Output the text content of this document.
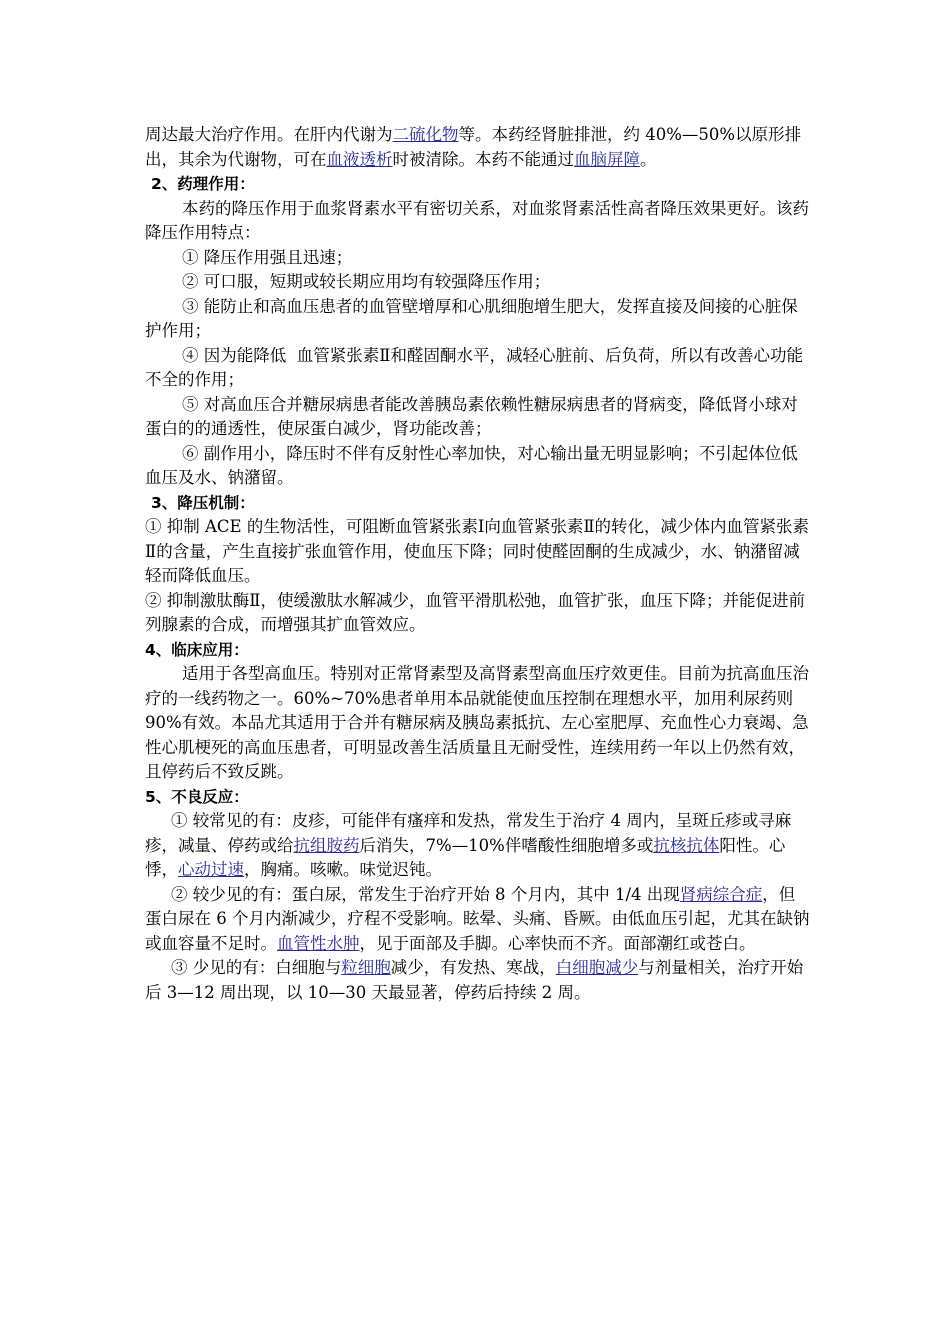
周达最大治疗作用。在肝内代谢为二硫化物等。本药经肾脏排泄，约 40%—50%以原形排出，其余为代谢物，可在血液透析时被清除。本药不能通过血脑屏障。

2、药理作用：

本药的降压作用于血浆肾素水平有密切关系，对血浆肾素活性高者降压效果更好。该药降压作用特点：

① 降压作用强且迅速；

② 可口服，短期或较长期应用均有较强降压作用；

③ 能防止和高血压患者的血管壁增厚和心肌细胞增生肥大，发挥直接及间接的心脏保护作用；

④ 因为能降低  血管紧张素Ⅱ和醛固酮水平，减轻心脏前、后负荷，所以有改善心功能不全的作用；

⑤ 对高血压合并糖尿病患者能改善胰岛素依赖性糖尿病患者的肾病变，降低肾小球对蛋白的的通透性，使尿蛋白减少，肾功能改善；

⑥ 副作用小，降压时不伴有反射性心率加快，对心输出量无明显影响；不引起体位低血压及水、钠潴留。

3、降压机制：

① 抑制 ACE 的生物活性，可阻断血管紧张素Ⅰ向血管紧张素Ⅱ的转化，减少体内血管紧张素Ⅱ的含量，产生直接扩张血管作用，使血压下降；同时使醛固酮的生成减少，水、钠潴留减轻而降低血压。

② 抑制激肽酶Ⅱ，使缓激肽水解减少，血管平滑肌松弛，血管扩张，血压下降；并能促进前列腺素的合成，而增强其扩血管效应。

4、临床应用：

适用于各型高血压。特别对正常肾素型及高肾素型高血压疗效更佳。目前为抗高血压治疗的一线药物之一。60%~70%患者单用本品就能使血压控制在理想水平，加用利尿药则 90%有效。本品尤其适用于合并有糖尿病及胰岛素抵抗、左心室肥厚、充血性心力衰竭、急性心肌梗死的高血压患者，可明显改善生活质量且无耐受性，连续用药一年以上仍然有效，且停药后不致反跳。

5、不良反应：

① 较常见的有：皮疹，可能伴有瘙痒和发热，常发生于治疗 4 周内，呈斑丘疹或寻麻疹，减量、停药或给抗组胺药后消失，7%—10%伴嗜酸性细胞增多或抗核抗体阳性。心悸，心动过速，胸痛。咳嗽。味觉迟钝。

② 较少见的有：蛋白尿，常发生于治疗开始 8 个月内，其中 1/4 出现肾病综合症，但蛋白尿在 6 个月内渐减少，疗程不受影响。眩晕、头痛、昏厥。由低血压引起，尤其在缺钠或血容量不足时。血管性水肿，见于面部及手脚。心率快而不齐。面部潮红或苍白。

③ 少见的有：白细胞与粒细胞减少，有发热、寒战，白细胞减少与剂量相关，治疗开始后 3—12 周出现，以 10—30 天最显著，停药后持续 2 周。
